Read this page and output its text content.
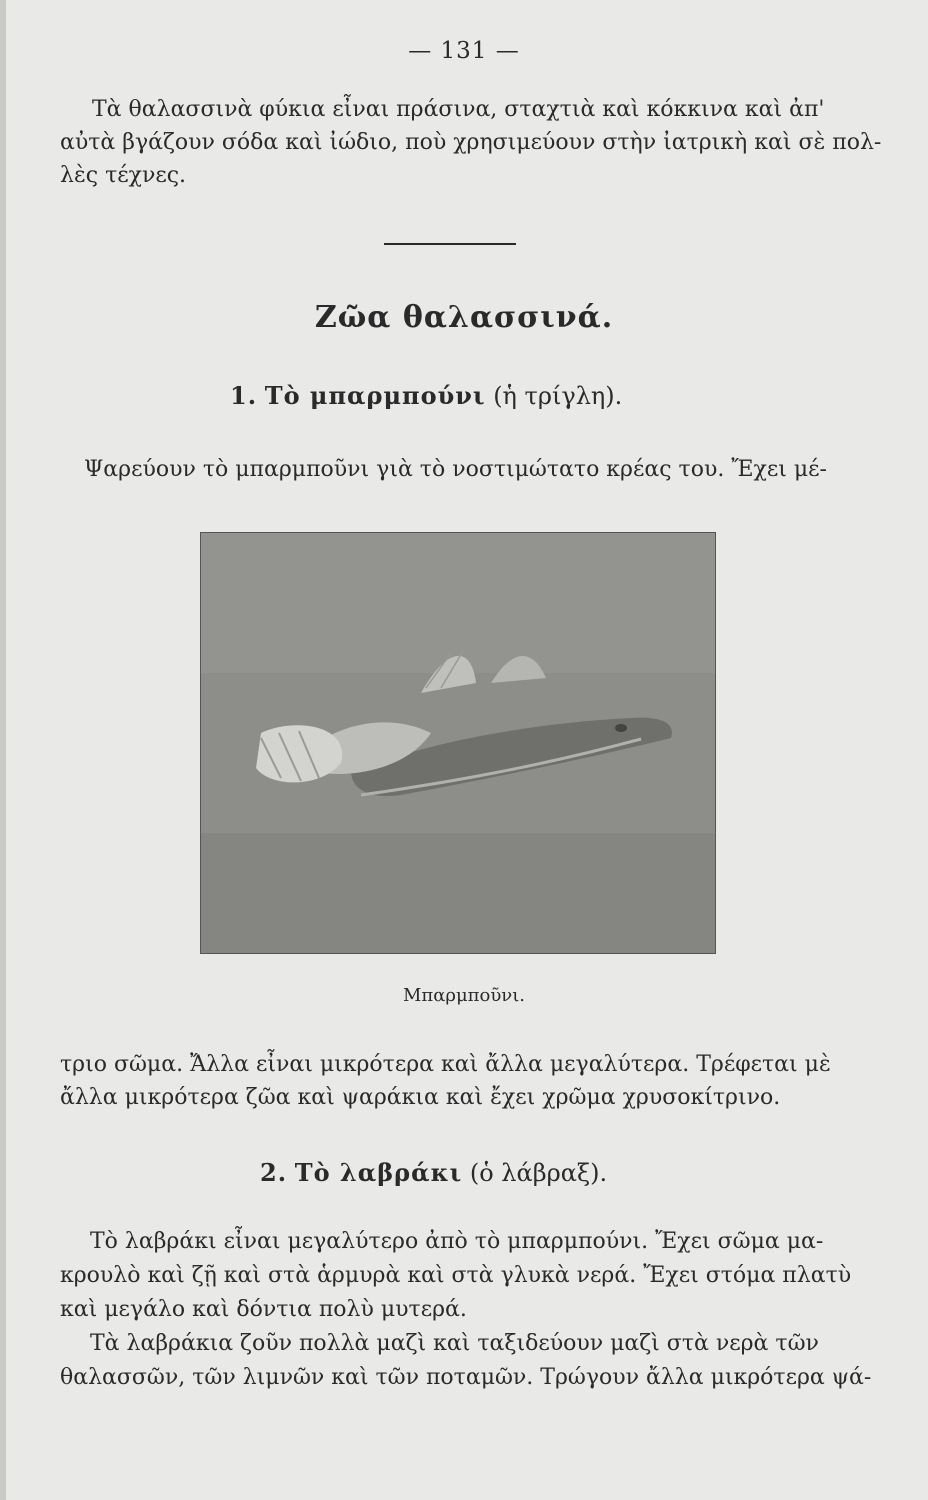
— 131 —
Τὰ θαλασσινὰ φύκια εἶναι πράσινα, σταχτιὰ καὶ κόκκινα καὶ ἀπ'
αὐτὰ βγάζουν σόδα καὶ ἰώδιο, ποὺ χρησιμεύουν στὴν ἰατρικὴ καὶ σὲ πολ-
λὲς τέχνες.
Ζῶα θαλασσινά.
1. Τὸ μπαρμπούνι (ἡ τρίγλη).
Ψαρεύουν τὸ μπαρμποῦνι γιὰ τὸ νοστιμώτατο κρέας του. Ἔχει μέ-
Μπαρμποῦνι.
τριο σῶμα. Ἄλλα εἶναι μικρότερα καὶ ἄλλα μεγαλύτερα. Τρέφεται μὲ
ἄλλα μικρότερα ζῶα καὶ ψαράκια καὶ ἔχει χρῶμα χρυσοκίτρινο.
2. Τὸ λαβράκι (ὁ λάβραξ).
Τὸ λαβράκι εἶναι μεγαλύτερο ἀπὸ τὸ μπαρμπούνι. Ἔχει σῶμα μα-
κρουλὸ καὶ ζῇ καὶ στὰ ἁρμυρὰ καὶ στὰ γλυκὰ νερά. Ἔχει στόμα πλατὺ
καὶ μεγάλο καὶ δόντια πολὺ μυτερά.
Τὰ λαβράκια ζοῦν πολλὰ μαζὶ καὶ ταξιδεύουν μαζὶ στὰ νερὰ τῶν
θαλασσῶν, τῶν λιμνῶν καὶ τῶν ποταμῶν. Τρώγουν ἄλλα μικρότερα ψά-
